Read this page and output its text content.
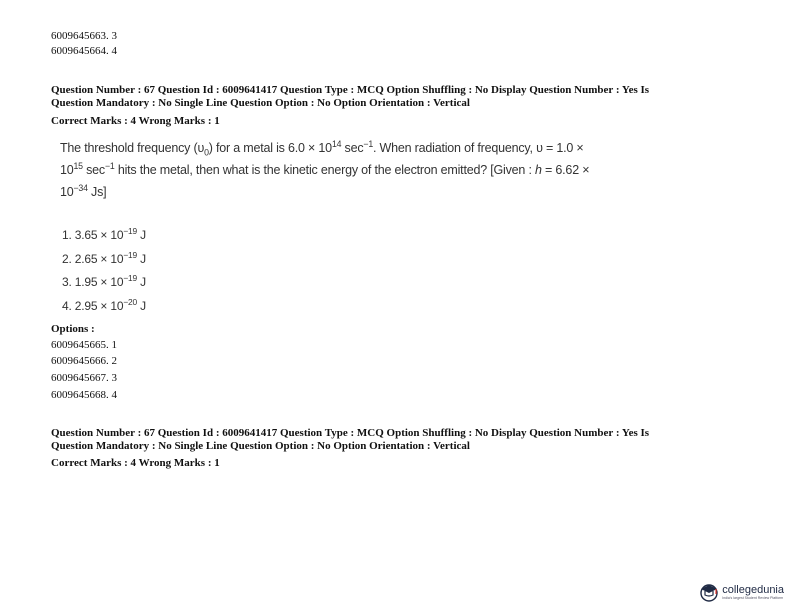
6009645663. 3
6009645664. 4
Question Number : 67 Question Id : 6009641417 Question Type : MCQ Option Shuffling : No Display Question Number : Yes Is
Question Mandatory : No Single Line Question Option : No Option Orientation : Vertical
Correct Marks : 4 Wrong Marks : 1
The threshold frequency $(\upsilon_0)$ for a metal is $6.0 \times 10^{14}$ $\sec^{-1}$. When radiation of frequency, υ = 1.0 ×
$10^{15}$ $\sec^{-1}$ hits the metal, then what is the kinetic energy of the electron emitted? [Given : h = 6.62 ×
$10^{-34}$ Js]
1. $3.65 \times 10^{-19}$ J
2. $2.65 \times 10^{-19}$ J
3. $1.95 \times 10^{-19}$ J
4. $2.95 \times 10^{-20}$ J
Options :
6009645665. 1
6009645666. 2
6009645667. 3
6009645668. 4
Question Number : 67 Question Id : 6009641417 Question Type : MCQ Option Shuffling : No Display Question Number : Yes Is
Question Mandatory : No Single Line Question Option : No Option Orientation : Vertical
Correct Marks : 4 Wrong Marks : 1
collegedunia
India's largest Student Review Platform
